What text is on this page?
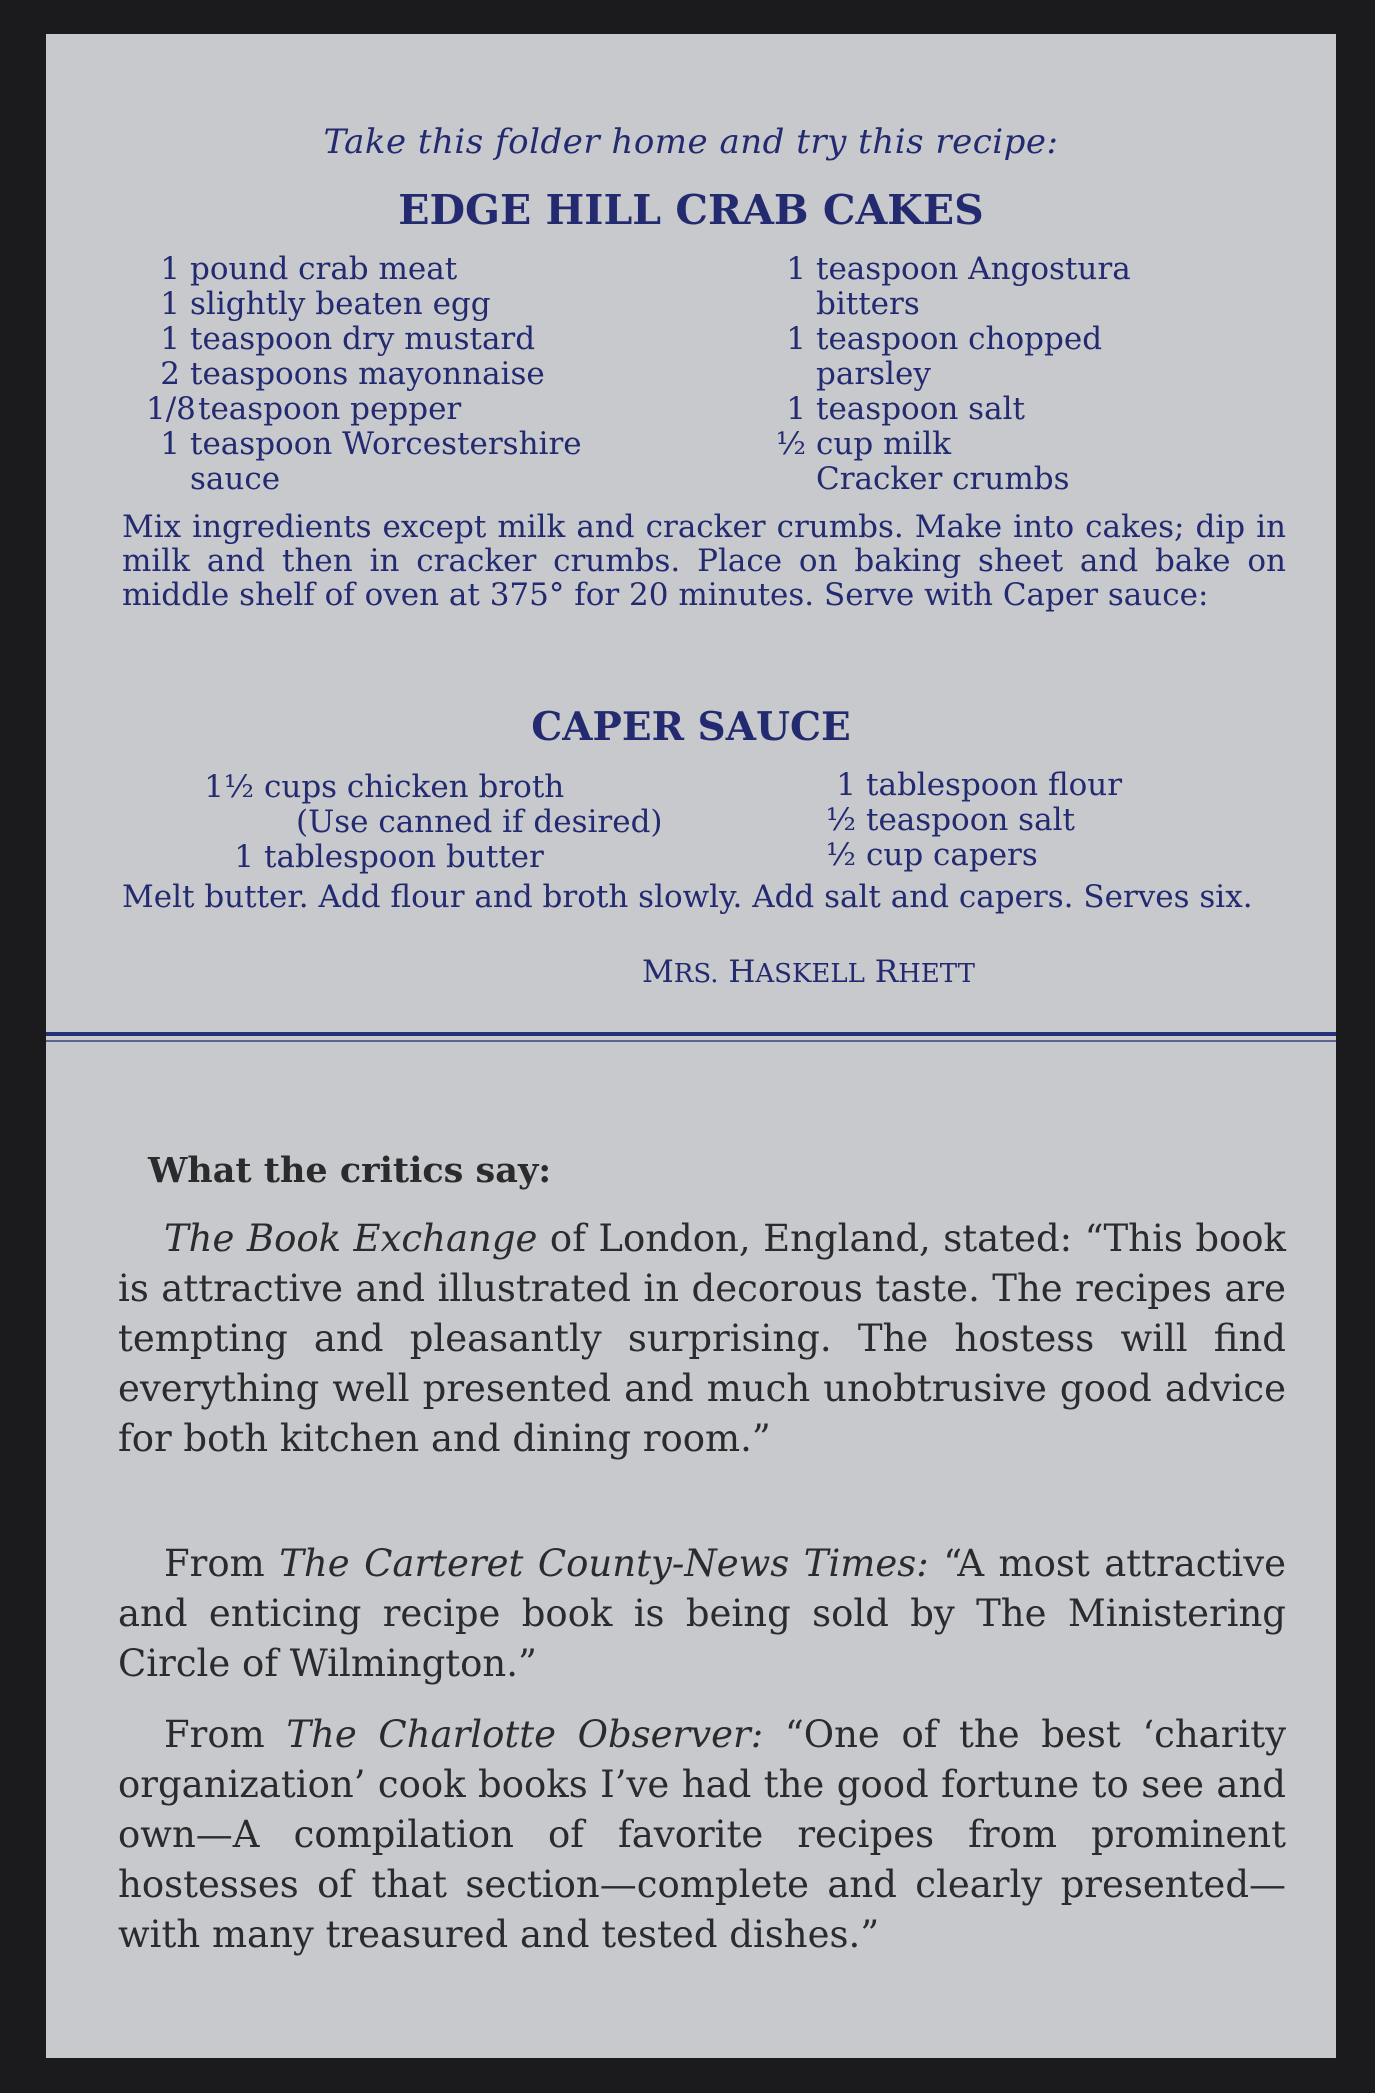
Take this folder home and try this recipe:

EDGE HILL CRAB CAKES

1 pound crab meat
1 slightly beaten egg
1 teaspoon dry mustard
2 teaspoons mayonnaise
1/8 teaspoon pepper
1 teaspoon Worcestershire
sauce
1 teaspoon Angostura
bitters
1 teaspoon chopped
parsley
1 teaspoon salt
½ cup milk
Cracker crumbs

Mix ingredients except milk and cracker crumbs. Make into cakes; dip in milk and then in cracker crumbs. Place on baking sheet and bake on middle shelf of oven at 375° for 20 minutes. Serve with Caper sauce:

CAPER SAUCE

1½ cups chicken broth
(Use canned if desired)
1 tablespoon butter
1 tablespoon flour
½ teaspoon salt
½ cup capers

Melt butter. Add flour and broth slowly. Add salt and capers. Serves six.

MRS. HASKELL RHETT

What the critics say:

The Book Exchange of London, England, stated: “This book is attractive and illustrated in decorous taste. The recipes are tempting and pleasantly surprising. The hostess will find everything well presented and much unobtrusive good advice for both kitchen and dining room.”

From The Carteret County-News Times: “A most attractive and enticing recipe book is being sold by The Ministering Circle of Wilmington.”

From The Charlotte Observer: “One of the best ‘charity organization’ cook books I’ve had the good fortune to see and own—A compilation of favorite recipes from prominent hostesses of that section—complete and clearly presented—with many treasured and tested dishes.”
